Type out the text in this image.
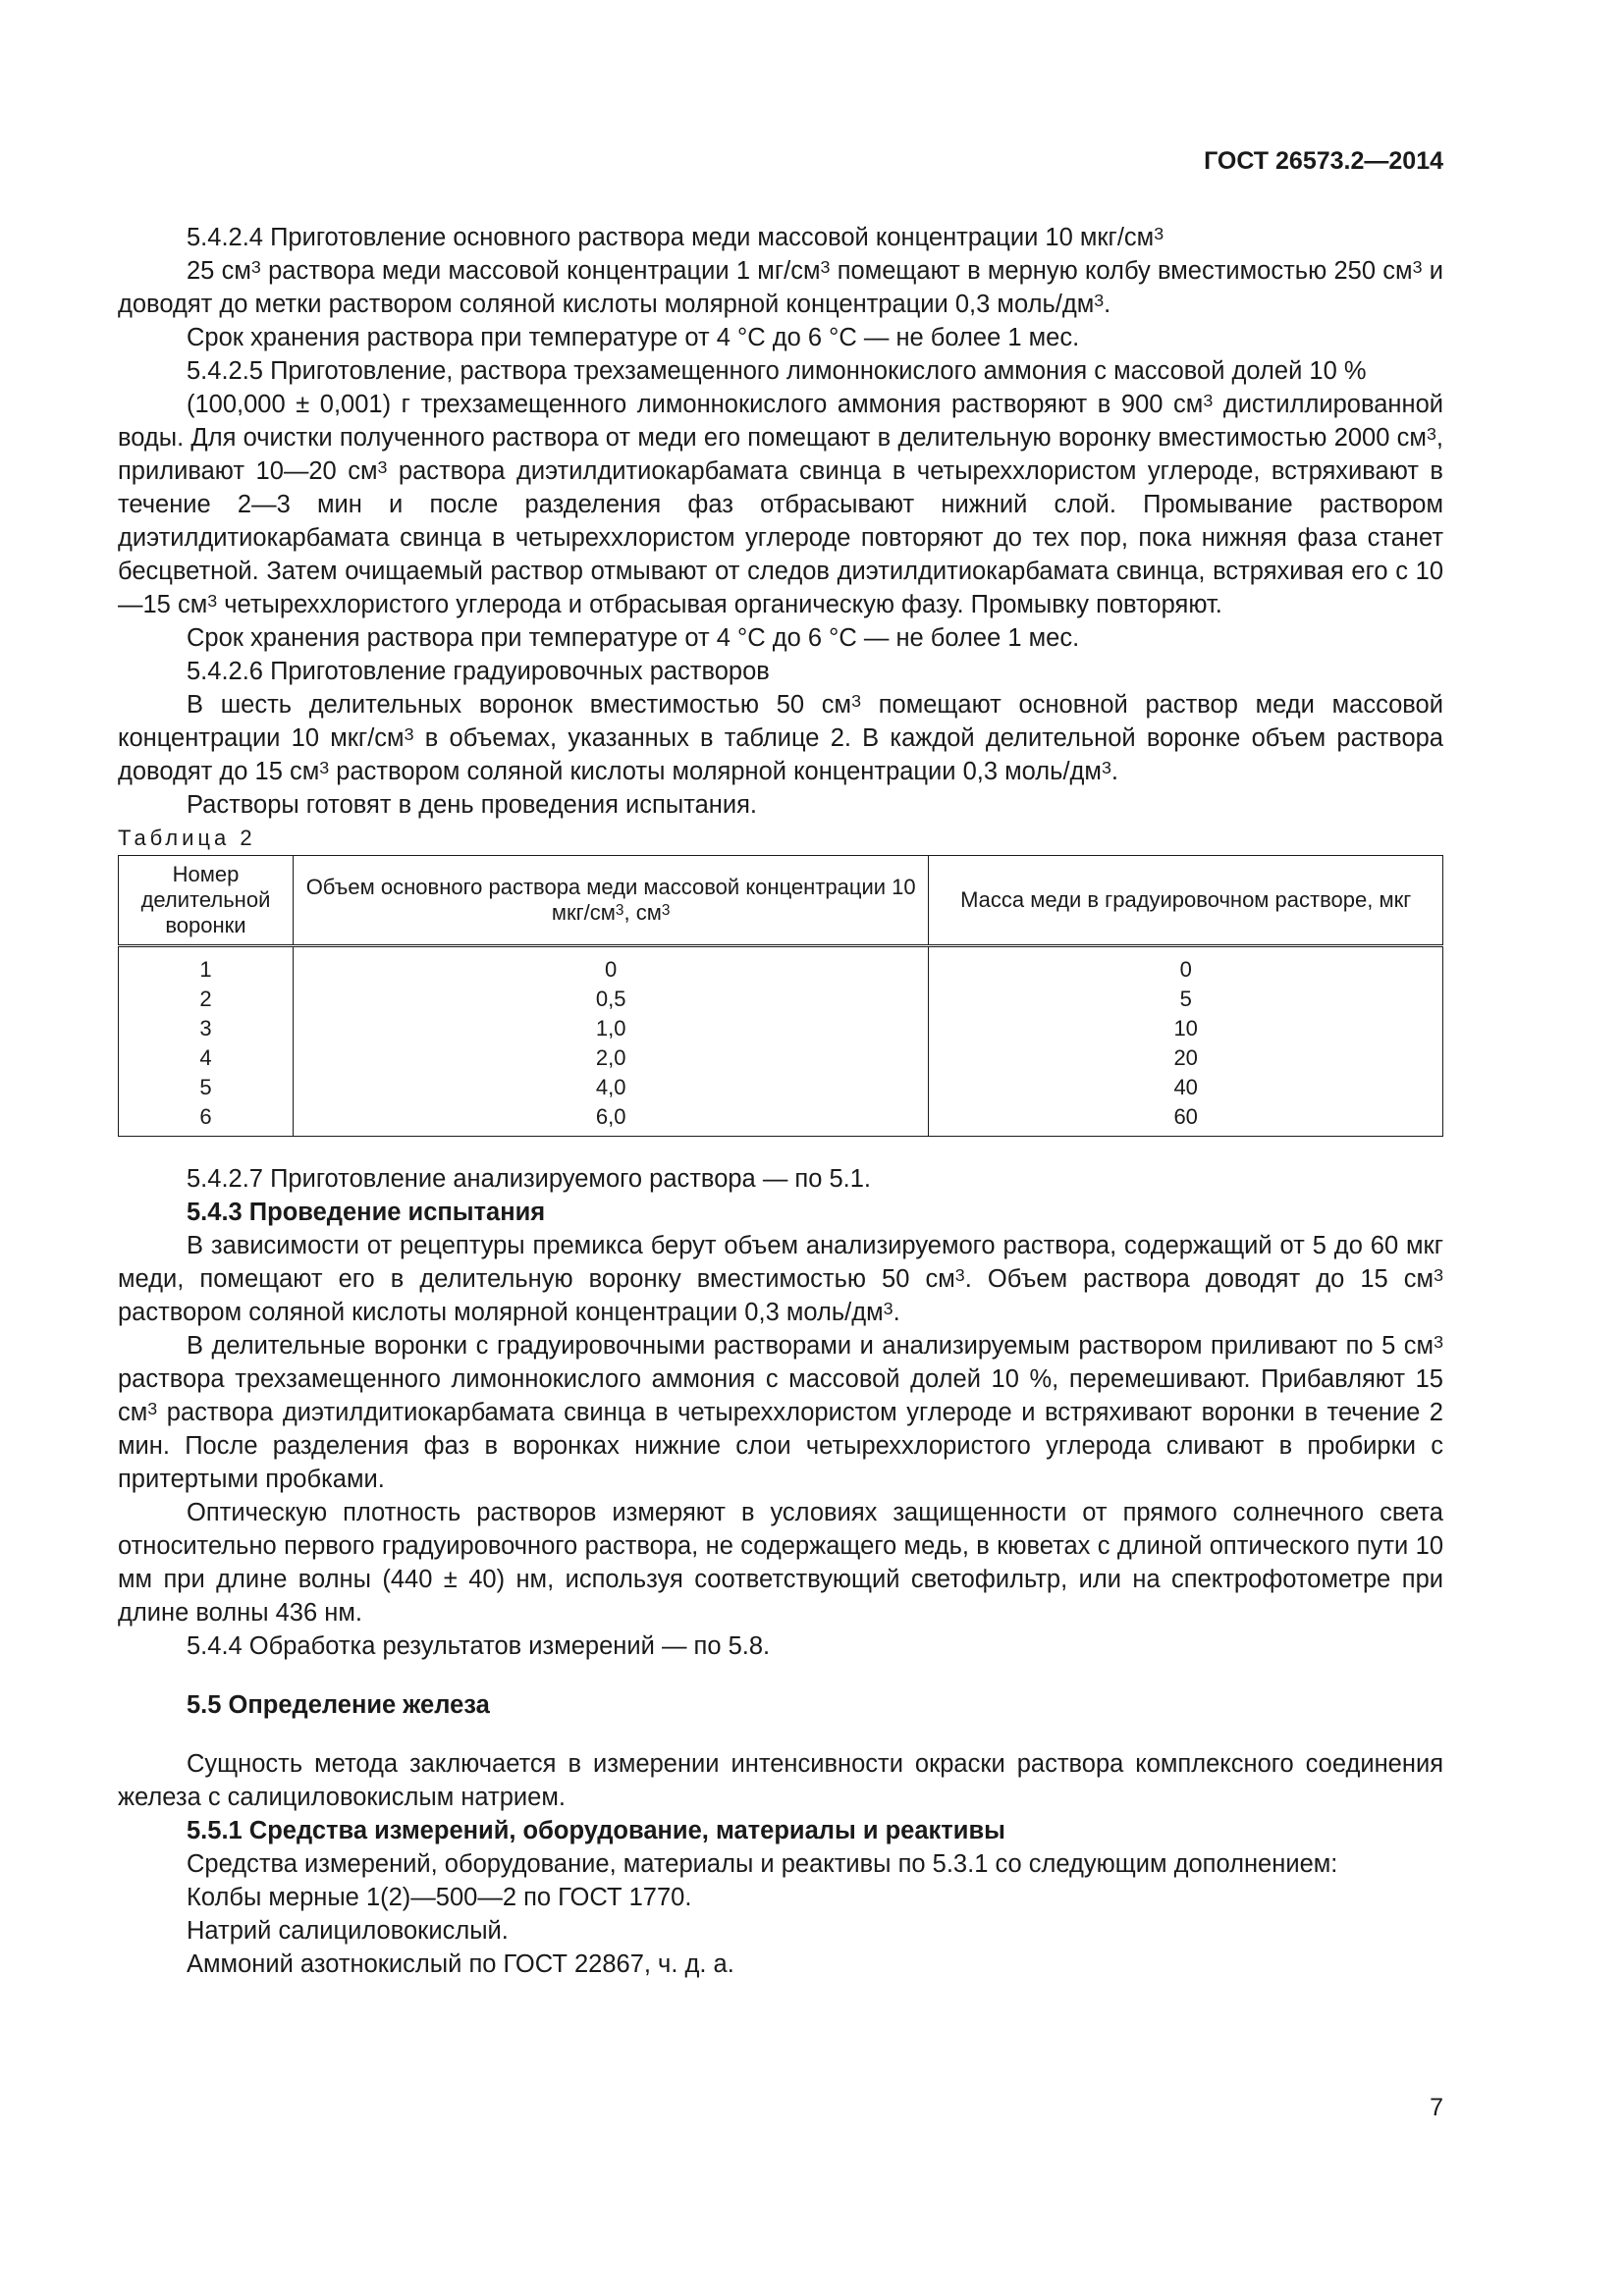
ГОСТ 26573.2—2014

5.4.2.4 Приготовление основного раствора меди массовой концентрации 10 мкг/$см^3$

25 $см^3$ раствора меди массовой концентрации 1 $мг/см^3$ помещают в мерную колбу вместимостью 250 $см^3$ и доводят до метки раствором соляной кислоты молярной концентрации 0,3 моль/$дм^3$.

Срок хранения раствора при температуре от 4 °С до 6 °С — не более 1 мес.

5.4.2.5 Приготовление, раствора трехзамещенного лимоннокислого аммония с массовой долей 10 %

(100,000 ± 0,001) г трехзамещенного лимоннокислого аммония растворяют в 900 $см^3$ дистиллированной воды. Для очистки полученного раствора от меди его помещают в делительную воронку вместимостью 2000 $см^3$, приливают 10—20 $см^3$ раствора диэтилдитиокарбамата свинца в четыреххлористом углероде, встряхивают в течение 2—3 мин и после разделения фаз отбрасывают нижний слой. Промывание раствором диэтилдитиокарбамата свинца в четыреххлористом углероде повторяют до тех пор, пока нижняя фаза станет бесцветной. Затем очищаемый раствор отмывают от следов диэтилдитиокарбамата свинца, встряхивая его с 10—15 $см^3$ четыреххлористого углерода и отбрасывая органическую фазу. Промывку повторяют.

Срок хранения раствора при температуре от 4 °С до 6 °С — не более 1 мес.

5.4.2.6 Приготовление градуировочных растворов

В шесть делительных воронок вместимостью 50 $см^3$ помещают основной раствор меди массовой концентрации 10 мкг/$см^3$ в объемах, указанных в таблице 2. В каждой делительной воронке объем раствора доводят до 15 $см^3$ раствором соляной кислоты молярной концентрации 0,3 моль/$дм^3$.

Растворы готовят в день проведения испытания.

Таблица 2

Номер делительной воронки	Объем основного раствора меди массовой концентрации 10 мкг/$см^3$, $см^3$	Масса меди в градуировочном растворе, мкг
1	0	0
2	0,5	5
3	1,0	10
4	2,0	20
5	4,0	40
6	6,0	60

5.4.2.7 Приготовление анализируемого раствора — по 5.1.

5.4.3 Проведение испытания

В зависимости от рецептуры премикса берут объем анализируемого раствора, содержащий от 5 до 60 мкг меди, помещают его в делительную воронку вместимостью 50 $см^3$. Объем раствора доводят до 15 $см^3$ раствором соляной кислоты молярной концентрации 0,3 моль/$дм^3$.

В делительные воронки с градуировочными растворами и анализируемым раствором приливают по 5 $см^3$ раствора трехзамещенного лимоннокислого аммония с массовой долей 10 %, перемешивают. Прибавляют 15 $см^3$ раствора диэтилдитиокарбамата свинца в четыреххлористом углероде и встряхивают воронки в течение 2 мин. После разделения фаз в воронках нижние слои четыреххлористого углерода сливают в пробирки с притертыми пробками.

Оптическую плотность растворов измеряют в условиях защищенности от прямого солнечного света относительно первого градуировочного раствора, не содержащего медь, в кюветах с длиной оптического пути 10 мм при длине волны (440 ± 40) нм, используя соответствующий светофильтр, или на спектрофотометре при длине волны 436 нм.

5.4.4 Обработка результатов измерений — по 5.8.

5.5 Определение железа

Сущность метода заключается в измерении интенсивности окраски раствора комплексного соединения железа с салициловокислым натрием.

5.5.1 Средства измерений, оборудование, материалы и реактивы

Средства измерений, оборудование, материалы и реактивы по 5.3.1 со следующим дополнением:

Колбы мерные 1(2)—500—2 по ГОСТ 1770.

Натрий салициловокислый.

Аммоний азотнокислый по ГОСТ 22867, ч. д. а.

7
